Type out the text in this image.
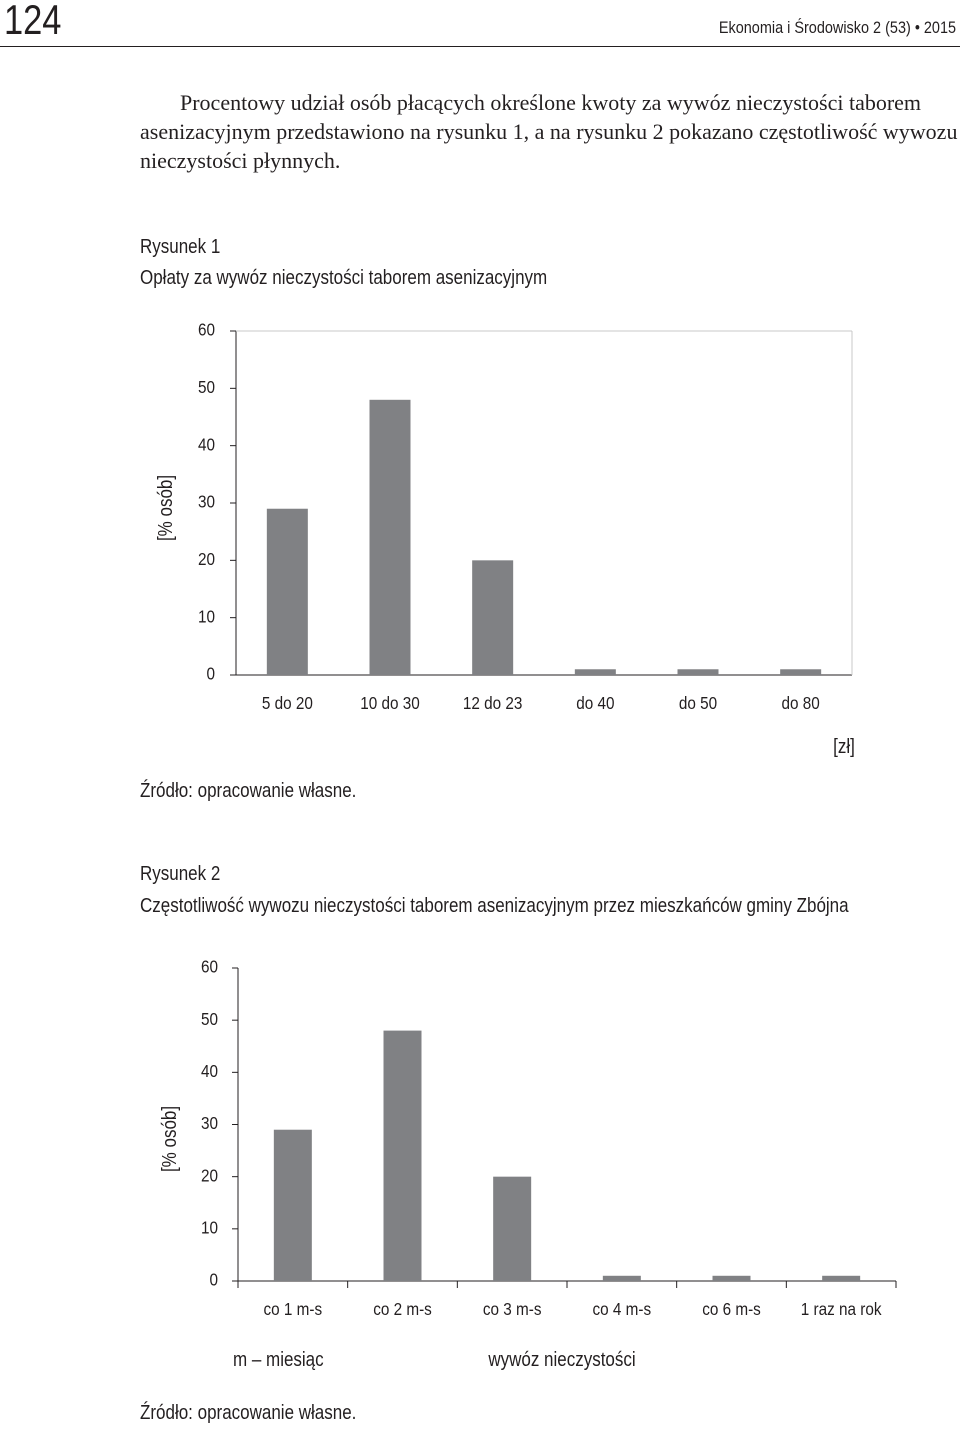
124	Ekonomia i Środowisko 2 (53) • 2015

Procentowy udział osób płacących określone kwoty za wywóz nieczystości taborem asenizacyjnym przedstawiono na rysunku 1, a na rysunku 2 pokazano częstotliwość wywozu nieczystości płynnych.

Rysunek 1
Opłaty za wywóz nieczystości taborem asenizacyjnym
0
10
20
30
40
50
60
5 do 20	10 do 30 12 do 23	do 40	do 50	do 80
[% osób]
[zł]
Źródło: opracowanie własne.
Rysunek 2
Częstotliwość wywozu nieczystości taborem asenizacyjnym przez mieszkańców gminy Zbójna
0
10
20
30
40
50
60
co 1 m-s	co 2 m-s	co 3 m-s	co 4 m-s	co 6 m-s 1 raz na rok
[% osób]
wywóz nieczystości
m – miesiąc
Źródło: opracowanie własne.
